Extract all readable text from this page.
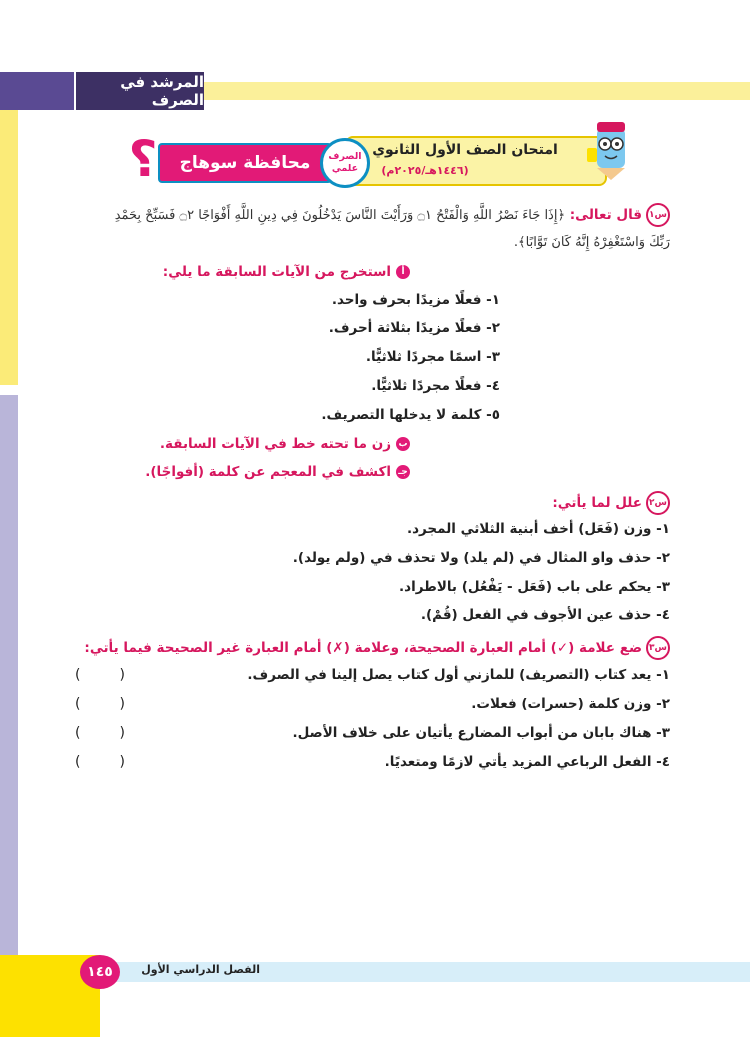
المرشد في الصرف
امتحان الصف الأول الثانوي
(١٤٤٦هـ/٢٠٢٥م)
محافظة سوهاج
؟	الصرف
علمي
س١قال تعالى: ﴿إِذَا جَاءَ نَصْرُ اللَّهِ وَالْفَتْحُ ۝١ وَرَأَيْتَ النَّاسَ يَدْخُلُونَ فِي دِينِ اللَّهِ أَفْوَاجًا ۝٢ فَسَبِّحْ بِحَمْدِ
رَبِّكَ وَاسْتَغْفِرْهُ إِنَّهُ كَانَ تَوَّابًا﴾.
أاستخرج من الآيات السابقة ما يلي:
١- فعلًا مزيدًا بحرف واحد.
٢- فعلًا مزيدًا بثلاثة أحرف.
٣- اسمًا مجردًا ثلاثيًّا.
٤- فعلًا مجردًا ثلاثيًّا.
٥- كلمة لا يدخلها التصريف.
بزن ما تحته خط في الآيات السابقة.
جـاكشف في المعجم عن كلمة (أفواجًا).
س٢علل لما يأتي:
١- وزن (فَعَل) أخف أبنية الثلاثي المجرد.
٢- حذف واو المثال في (لم يلد) ولا تحذف في (ولم يولد).
٣- يحكم على باب (فَعَل - يَفْعُل) بالاطراد.
٤- حذف عين الأجوف في الفعل (قُمْ).
س٣ضع علامة (✓) أمام العبارة الصحيحة، وعلامة (✗) أمام العبارة غير الصحيحة فيما يأتي:
١- يعد كتاب (التصريف) للمازني أول كتاب يصل إلينا في الصرف.
(	)
٢- وزن كلمة (حسرات) فعلات.
(	)
٣- هناك بابان من أبواب المضارع يأتيان على خلاف الأصل.
(	)
٤- الفعل الرباعي المزيد يأتي لازمًا ومتعديًا.
(	)
الفصل الدراسي الأول
١٤٥
